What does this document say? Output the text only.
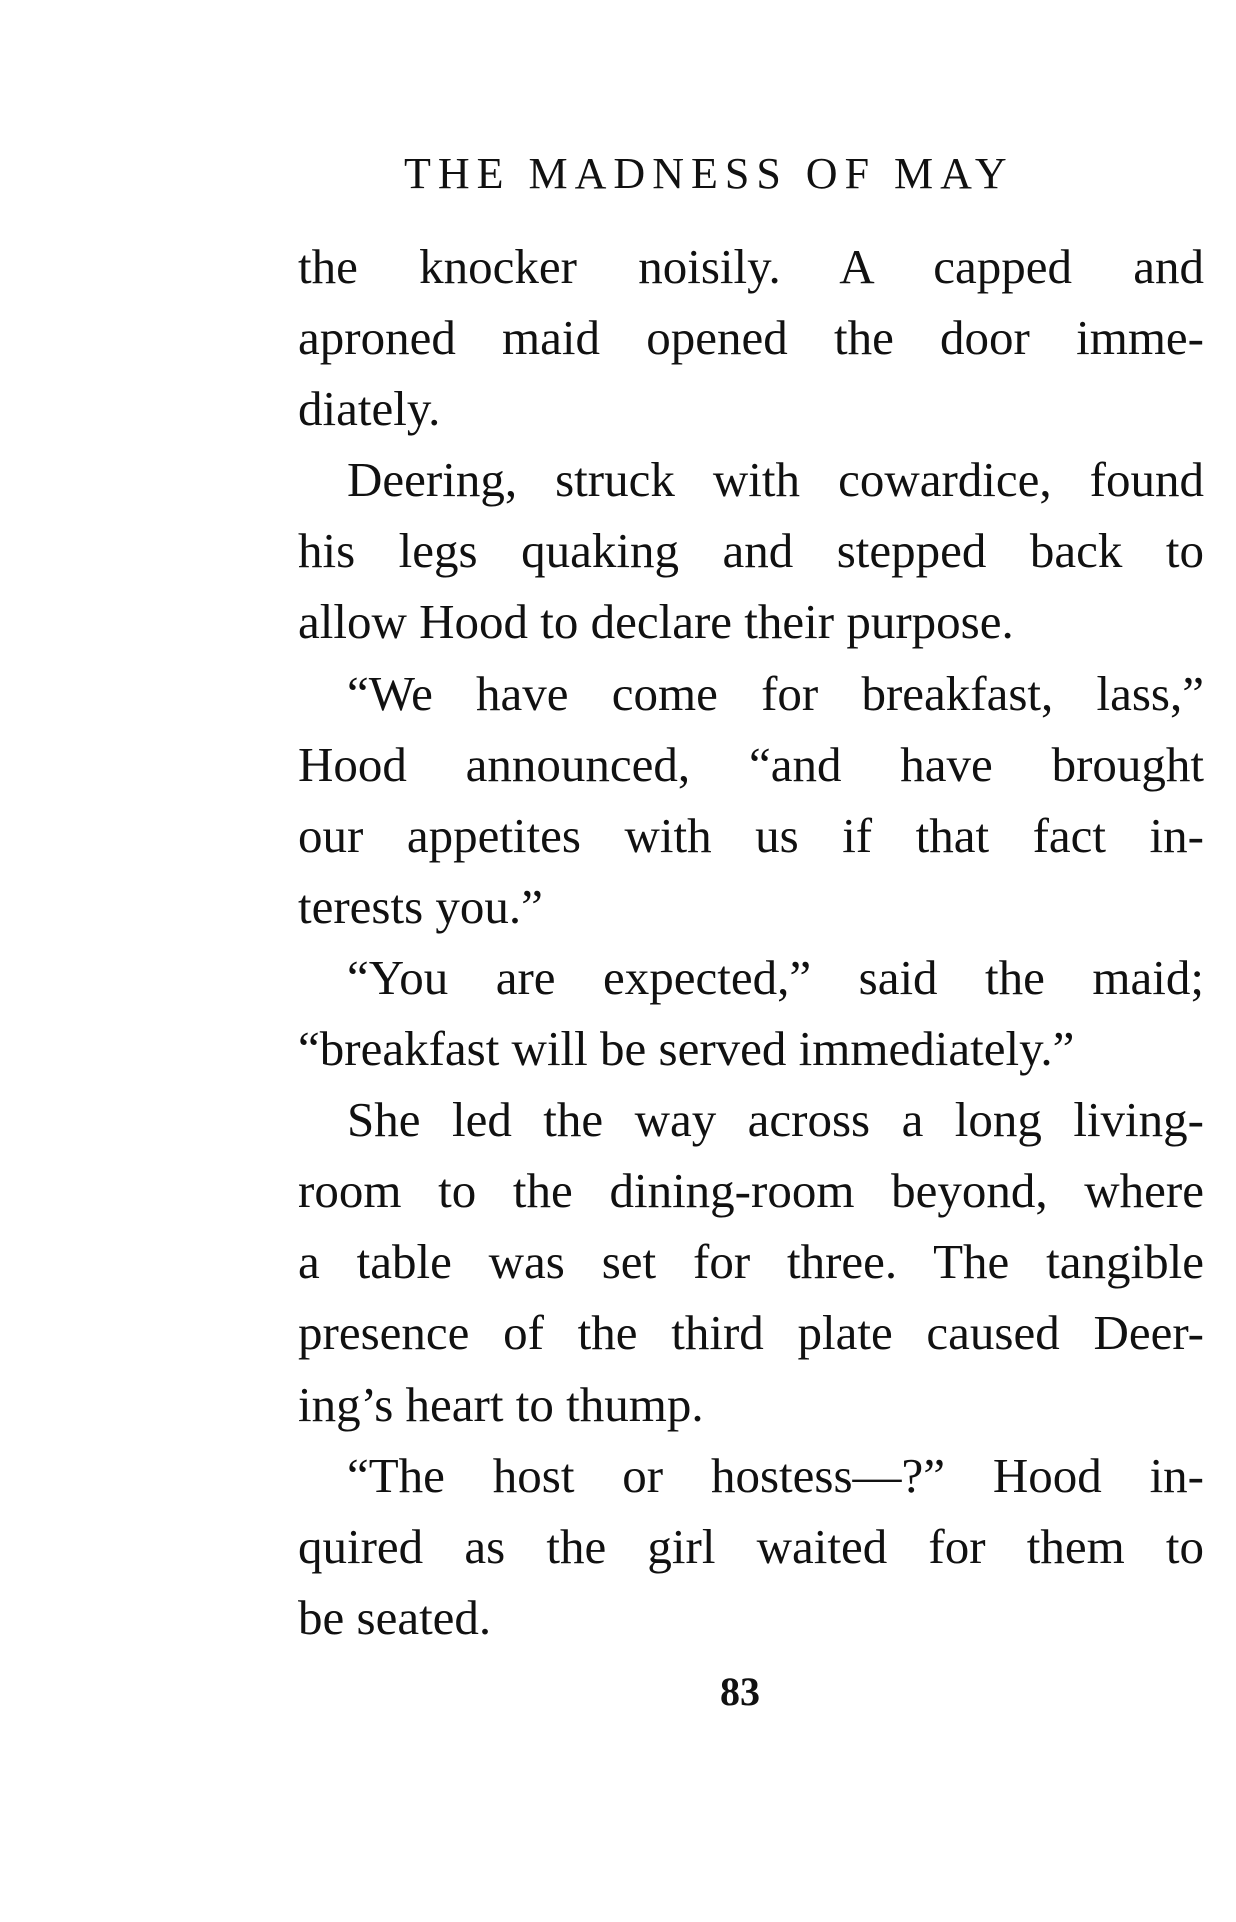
THE MADNESS OF MAY
the knocker noisily. A capped and
aproned maid opened the door imme-
diately.
Deering, struck with cowardice, found
his legs quaking and stepped back to
allow Hood to declare their purpose.
“We have come for breakfast, lass,”
Hood announced, “and have brought
our appetites with us if that fact in-
terests you.”
“You are expected,” said the maid;
“breakfast will be served immediately.”
She led the way across a long living-
room to the dining-room beyond, where
a table was set for three. The tangible
presence of the third plate caused Deer-
ing’s heart to thump.
“The host or hostess—?” Hood in-
quired as the girl waited for them to
be seated.
83
